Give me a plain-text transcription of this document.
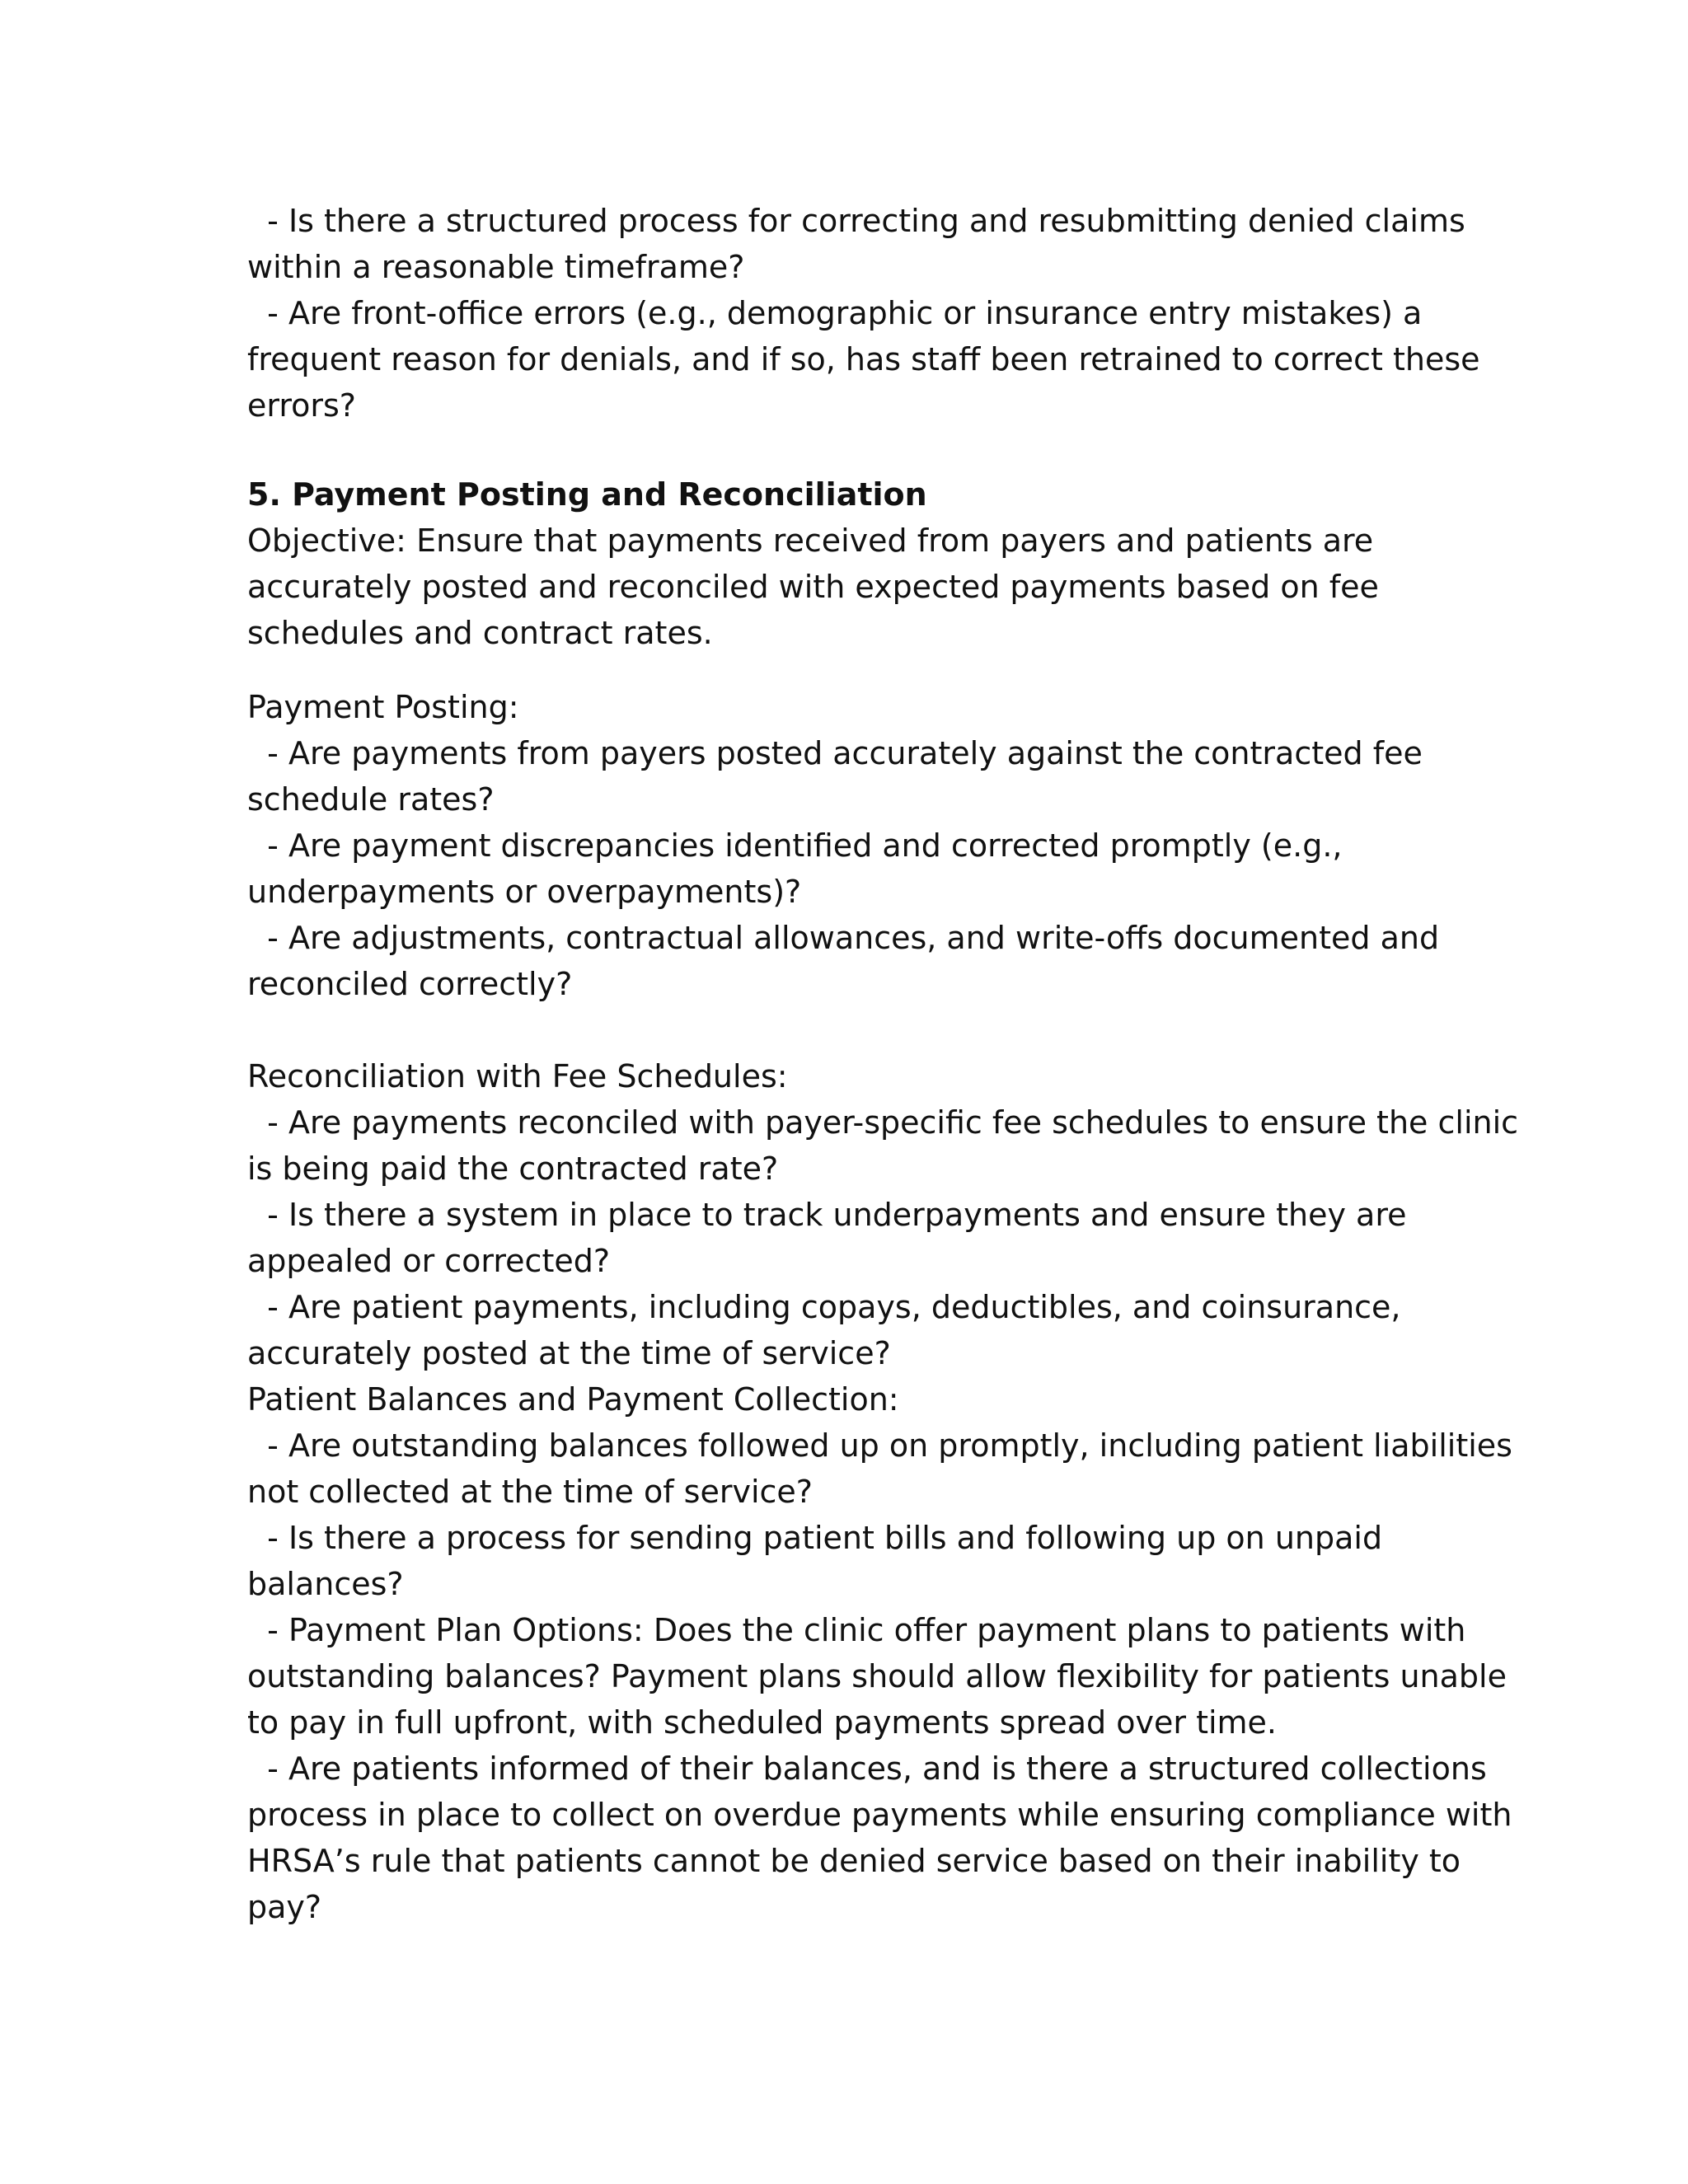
- Is there a structured process for correcting and resubmitting denied claims

within a reasonable timeframe?

- Are front-office errors (e.g., demographic or insurance entry mistakes) a

frequent reason for denials, and if so, has staff been retrained to correct these

errors?

5. Payment Posting and Reconciliation

Objective: Ensure that payments received from payers and patients are

accurately posted and reconciled with expected payments based on fee

schedules and contract rates.

Payment Posting:

- Are payments from payers posted accurately against the contracted fee

schedule rates?

- Are payment discrepancies identified and corrected promptly (e.g.,

underpayments or overpayments)?

- Are adjustments, contractual allowances, and write-offs documented and

reconciled correctly?

Reconciliation with Fee Schedules:

- Are payments reconciled with payer-specific fee schedules to ensure the clinic

is being paid the contracted rate?

- Is there a system in place to track underpayments and ensure they are

appealed or corrected?

- Are patient payments, including copays, deductibles, and coinsurance,

accurately posted at the time of service?

Patient Balances and Payment Collection:

- Are outstanding balances followed up on promptly, including patient liabilities

not collected at the time of service?

- Is there a process for sending patient bills and following up on unpaid

balances?

- Payment Plan Options: Does the clinic offer payment plans to patients with

outstanding balances? Payment plans should allow flexibility for patients unable

to pay in full upfront, with scheduled payments spread over time.

- Are patients informed of their balances, and is there a structured collections

process in place to collect on overdue payments while ensuring compliance with

HRSA’s rule that patients cannot be denied service based on their inability to

pay?
